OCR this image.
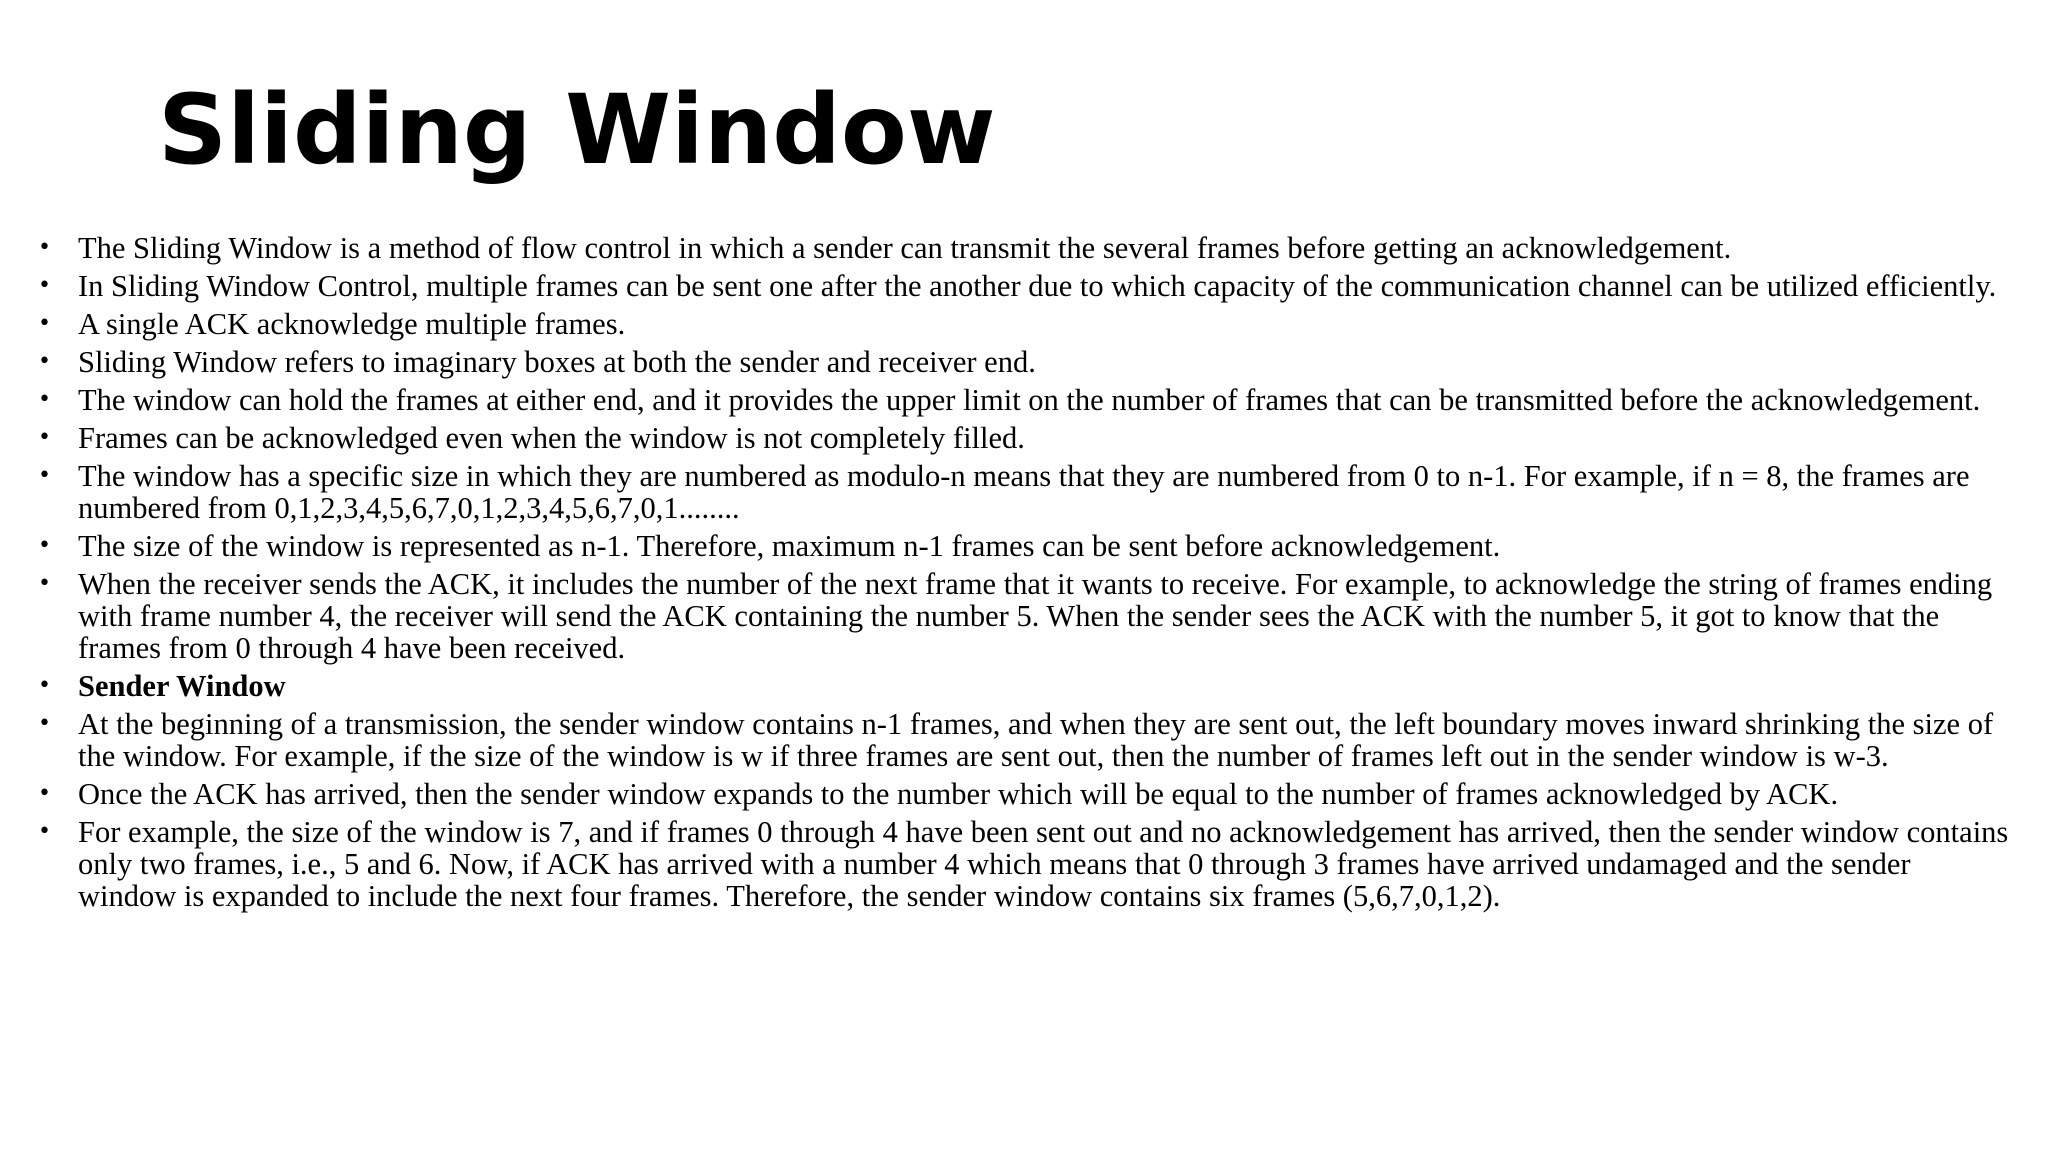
Sliding Window
• The Sliding Window is a method of flow control in which a sender can transmit the several frames before getting an acknowledgement.
• In Sliding Window Control, multiple frames can be sent one after the another due to which capacity of the communication channel can be utilized efficiently.
• A single ACK acknowledge multiple frames.
• Sliding Window refers to imaginary boxes at both the sender and receiver end.
• The window can hold the frames at either end, and it provides the upper limit on the number of frames that can be transmitted before the acknowledgement.
• Frames can be acknowledged even when the window is not completely filled.
• The window has a specific size in which they are numbered as modulo-n means that they are numbered from 0 to n-1. For example, if n = 8, the frames are numbered from 0,1,2,3,4,5,6,7,0,1,2,3,4,5,6,7,0,1........
• The size of the window is represented as n-1. Therefore, maximum n-1 frames can be sent before acknowledgement.
• When the receiver sends the ACK, it includes the number of the next frame that it wants to receive. For example, to acknowledge the string of frames ending with frame number 4, the receiver will send the ACK containing the number 5. When the sender sees the ACK with the number 5, it got to know that the frames from 0 through 4 have been received.
• Sender Window
• At the beginning of a transmission, the sender window contains n-1 frames, and when they are sent out, the left boundary moves inward shrinking the size of the window. For example, if the size of the window is w if three frames are sent out, then the number of frames left out in the sender window is w-3.
• Once the ACK has arrived, then the sender window expands to the number which will be equal to the number of frames acknowledged by ACK.
• For example, the size of the window is 7, and if frames 0 through 4 have been sent out and no acknowledgement has arrived, then the sender window contains only two frames, i.e., 5 and 6. Now, if ACK has arrived with a number 4 which means that 0 through 3 frames have arrived undamaged and the sender window is expanded to include the next four frames. Therefore, the sender window contains six frames (5,6,7,0,1,2).
